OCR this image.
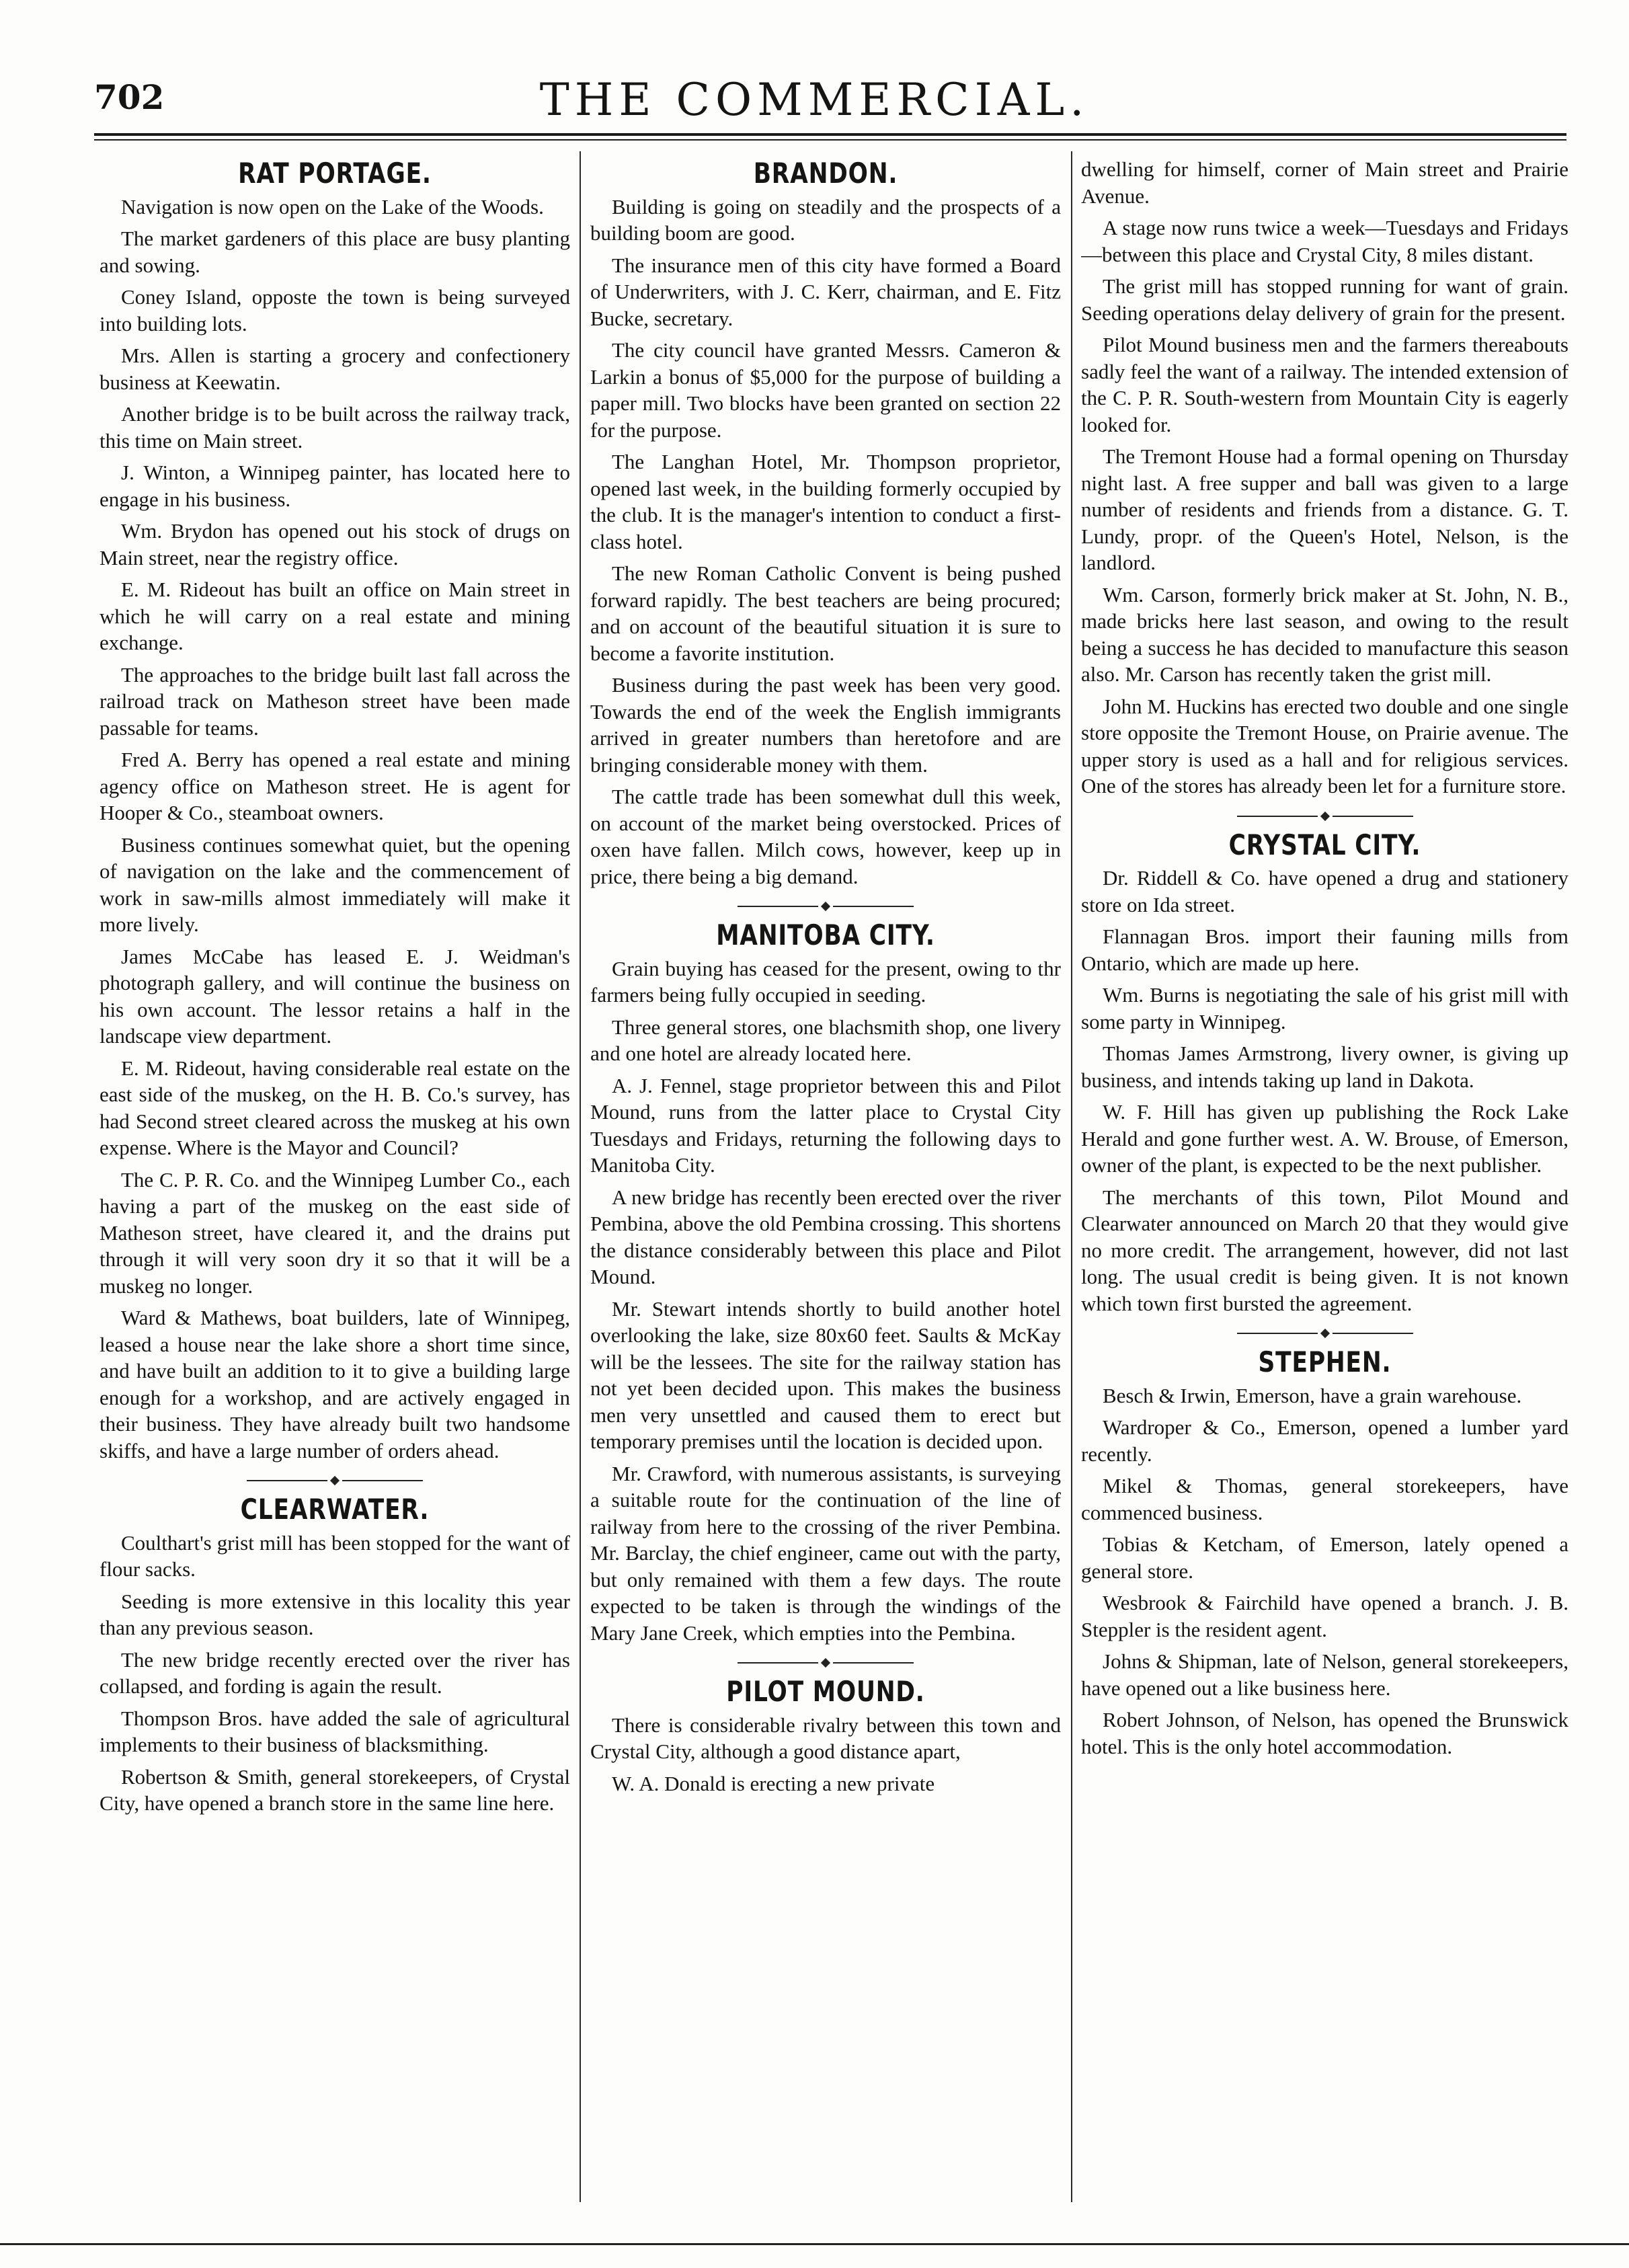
702	THE COMMERCIAL.
RAT PORTAGE.

Navigation is now open on the Lake of the Woods.

The market gardeners of this place are busy planting and sowing.

Coney Island, opposte the town is being surveyed into building lots.

Mrs. Allen is starting a grocery and confectionery business at Keewatin.

Another bridge is to be built across the railway track, this time on Main street.

J. Winton, a Winnipeg painter, has located here to engage in his business.

Wm. Brydon has opened out his stock of drugs on Main street, near the registry office.

E. M. Rideout has built an office on Main street in which he will carry on a real estate and mining exchange.

The approaches to the bridge built last fall across the railroad track on Matheson street have been made passable for teams.

Fred A. Berry has opened a real estate and mining agency office on Matheson street. He is agent for Hooper & Co., steamboat owners.

Business continues somewhat quiet, but the opening of navigation on the lake and the commencement of work in saw-mills almost immediately will make it more lively.

James McCabe has leased E. J. Weidman's photograph gallery, and will continue the business on his own account. The lessor retains a half in the landscape view department.

E. M. Rideout, having considerable real estate on the east side of the muskeg, on the H. B. Co.'s survey, has had Second street cleared across the muskeg at his own expense. Where is the Mayor and Council?

The C. P. R. Co. and the Winnipeg Lumber Co., each having a part of the muskeg on the east side of Matheson street, have cleared it, and the drains put through it will very soon dry it so that it will be a muskeg no longer.

Ward & Mathews, boat builders, late of Winnipeg, leased a house near the lake shore a short time since, and have built an addition to it to give a building large enough for a workshop, and are actively engaged in their business. They have already built two handsome skiffs, and have a large number of orders ahead.

CLEARWATER.

Coulthart's grist mill has been stopped for the want of flour sacks.

Seeding is more extensive in this locality this year than any previous season.

The new bridge recently erected over the river has collapsed, and fording is again the result.

Thompson Bros. have added the sale of agricultural implements to their business of blacksmithing.

Robertson & Smith, general storekeepers, of Crystal City, have opened a branch store in the same line here.

BRANDON.

Building is going on steadily and the prospects of a building boom are good.

The insurance men of this city have formed a Board of Underwriters, with J. C. Kerr, chairman, and E. Fitz Bucke, secretary.

The city council have granted Messrs. Cameron & Larkin a bonus of $5,000 for the purpose of building a paper mill. Two blocks have been granted on section 22 for the purpose.

The Langhan Hotel, Mr. Thompson proprietor, opened last week, in the building formerly occupied by the club. It is the manager's intention to conduct a first-class hotel.

The new Roman Catholic Convent is being pushed forward rapidly. The best teachers are being procured; and on account of the beautiful situation it is sure to become a favorite institution.

Business during the past week has been very good. Towards the end of the week the English immigrants arrived in greater numbers than heretofore and are bringing considerable money with them.

The cattle trade has been somewhat dull this week, on account of the market being overstocked. Prices of oxen have fallen. Milch cows, however, keep up in price, there being a big demand.

MANITOBA CITY.

Grain buying has ceased for the present, owing to thr farmers being fully occupied in seeding.

Three general stores, one blachsmith shop, one livery and one hotel are already located here.

A. J. Fennel, stage proprietor between this and Pilot Mound, runs from the latter place to Crystal City Tuesdays and Fridays, returning the following days to Manitoba City.

A new bridge has recently been erected over the river Pembina, above the old Pembina crossing. This shortens the distance considerably between this place and Pilot Mound.

Mr. Stewart intends shortly to build another hotel overlooking the lake, size 80x60 feet. Saults & McKay will be the lessees. The site for the railway station has not yet been decided upon. This makes the business men very unsettled and caused them to erect but temporary premises until the location is decided upon.

Mr. Crawford, with numerous assistants, is surveying a suitable route for the continuation of the line of railway from here to the crossing of the river Pembina. Mr. Barclay, the chief engineer, came out with the party, but only remained with them a few days. The route expected to be taken is through the windings of the Mary Jane Creek, which empties into the Pembina.

PILOT MOUND.

There is considerable rivalry between this town and Crystal City, although a good distance apart,

W. A. Donald is erecting a new private

dwelling for himself, corner of Main street and Prairie Avenue.

A stage now runs twice a week—Tuesdays and Fridays—between this place and Crystal City, 8 miles distant.

The grist mill has stopped running for want of grain. Seeding operations delay delivery of grain for the present.

Pilot Mound business men and the farmers thereabouts sadly feel the want of a railway. The intended extension of the C. P. R. South-western from Mountain City is eagerly looked for.

The Tremont House had a formal opening on Thursday night last. A free supper and ball was given to a large number of residents and friends from a distance. G. T. Lundy, propr. of the Queen's Hotel, Nelson, is the landlord.

Wm. Carson, formerly brick maker at St. John, N. B., made bricks here last season, and owing to the result being a success he has decided to manufacture this season also. Mr. Carson has recently taken the grist mill.

John M. Huckins has erected two double and one single store opposite the Tremont House, on Prairie avenue. The upper story is used as a hall and for religious services. One of the stores has already been let for a furniture store.

CRYSTAL CITY.

Dr. Riddell & Co. have opened a drug and stationery store on Ida street.

Flannagan Bros. import their fauning mills from Ontario, which are made up here.

Wm. Burns is negotiating the sale of his grist mill with some party in Winnipeg.

Thomas James Armstrong, livery owner, is giving up business, and intends taking up land in Dakota.

W. F. Hill has given up publishing the Rock Lake Herald and gone further west. A. W. Brouse, of Emerson, owner of the plant, is expected to be the next publisher.

The merchants of this town, Pilot Mound and Clearwater announced on March 20 that they would give no more credit. The arrangement, however, did not last long. The usual credit is being given. It is not known which town first bursted the agreement.

STEPHEN.

Besch & Irwin, Emerson, have a grain warehouse.

Wardroper & Co., Emerson, opened a lumber yard recently.

Mikel & Thomas, general storekeepers, have commenced business.

Tobias & Ketcham, of Emerson, lately opened a general store.

Wesbrook & Fairchild have opened a branch. J. B. Steppler is the resident agent.

Johns & Shipman, late of Nelson, general storekeepers, have opened out a like business here.

Robert Johnson, of Nelson, has opened the Brunswick hotel. This is the only hotel accommodation.
